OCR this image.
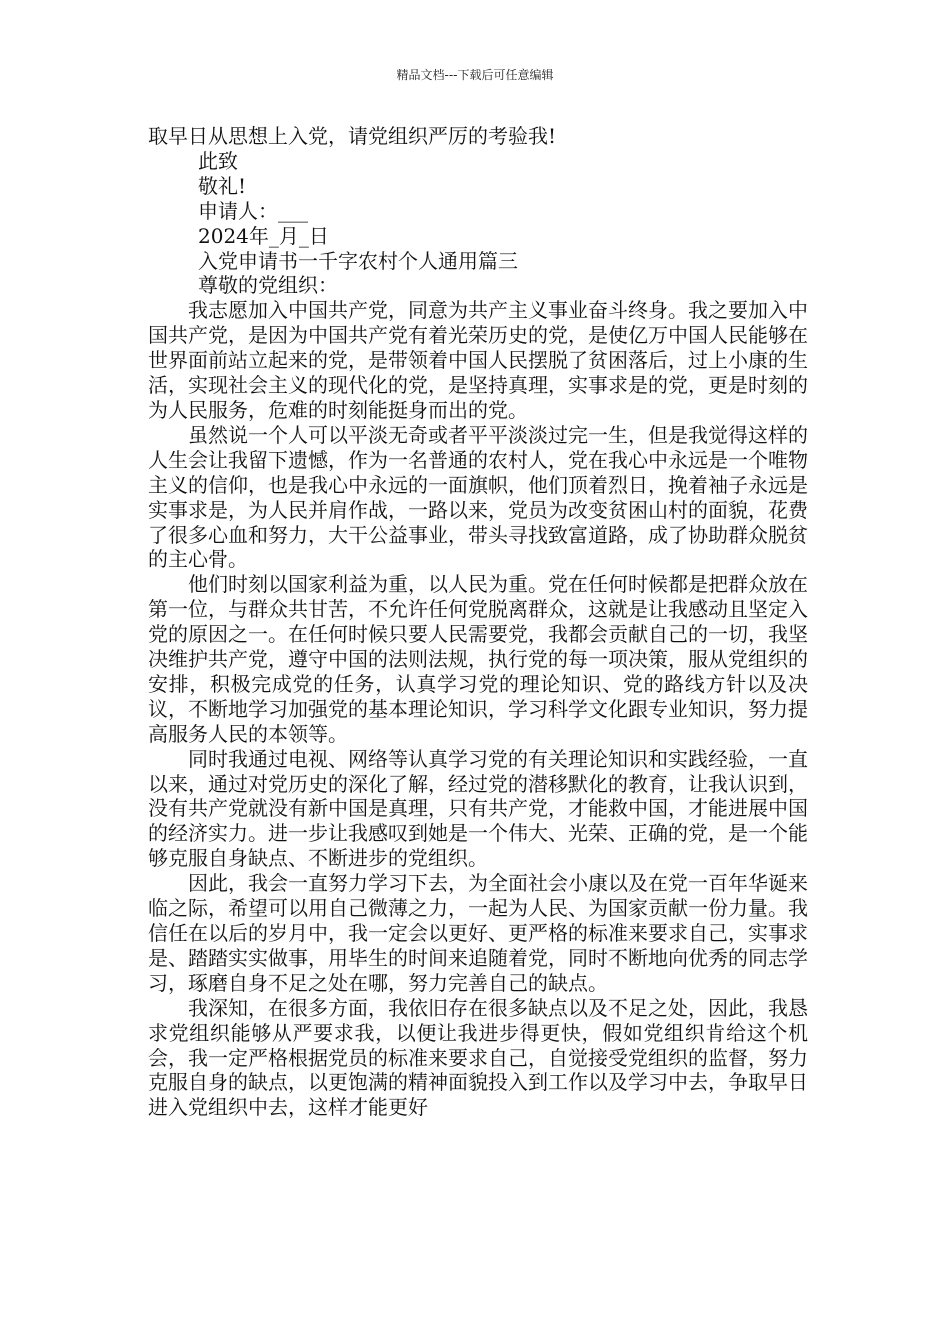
精品文档---下载后可任意编辑

取早日从思想上入党，请党组织严厉的考验我!

此致
敬礼!
申请人：___
2024年_月_日
入党申请书一千字农村个人通用篇三
尊敬的党组织：

我志愿加入中国共产党，同意为共产主义事业奋斗终身。我之要加入中国共产党，是因为中国共产党有着光荣历史的党，是使亿万中国人民能够在世界面前站立起来的党，是带领着中国人民摆脱了贫困落后，过上小康的生活，实现社会主义的现代化的党，是坚持真理，实事求是的党，更是时刻的为人民服务，危难的时刻能挺身而出的党。

虽然说一个人可以平淡无奇或者平平淡淡过完一生，但是我觉得这样的人生会让我留下遗憾，作为一名普通的农村人，党在我心中永远是一个唯物主义的信仰，也是我心中永远的一面旗帜，他们顶着烈日，挽着袖子永远是实事求是，为人民并肩作战，一路以来，党员为改变贫困山村的面貌，花费了很多心血和努力，大干公益事业，带头寻找致富道路，成了协助群众脱贫的主心骨。

他们时刻以国家利益为重，以人民为重。党在任何时候都是把群众放在第一位，与群众共甘苦，不允许任何党脱离群众，这就是让我感动且坚定入党的原因之一。在任何时候只要人民需要党，我都会贡献自己的一切，我坚决维护共产党，遵守中国的法则法规，执行党的每一项决策，服从党组织的安排，积极完成党的任务，认真学习党的理论知识、党的路线方针以及决议，不断地学习加强党的基本理论知识，学习科学文化跟专业知识，努力提高服务人民的本领等。

同时我通过电视、网络等认真学习党的有关理论知识和实践经验，一直以来，通过对党历史的深化了解，经过党的潜移默化的教育，让我认识到，没有共产党就没有新中国是真理，只有共产党，才能救中国，才能进展中国的经济实力。进一步让我感叹到她是一个伟大、光荣、正确的党，是一个能够克服自身缺点、不断进步的党组织。

因此，我会一直努力学习下去，为全面社会小康以及在党一百年华诞来临之际，希望可以用自己微薄之力，一起为人民、为国家贡献一份力量。我信任在以后的岁月中，我一定会以更好、更严格的标准来要求自己，实事求是、踏踏实实做事，用毕生的时间来追随着党，同时不断地向优秀的同志学习，琢磨自身不足之处在哪，努力完善自己的缺点。

我深知，在很多方面，我依旧存在很多缺点以及不足之处，因此，我恳求党组织能够从严要求我，以便让我进步得更快，假如党组织肯给这个机会，我一定严格根据党员的标准来要求自己，自觉接受党组织的监督，努力克服自身的缺点，以更饱满的精神面貌投入到工作以及学习中去，争取早日进入党组织中去，这样才能更好
